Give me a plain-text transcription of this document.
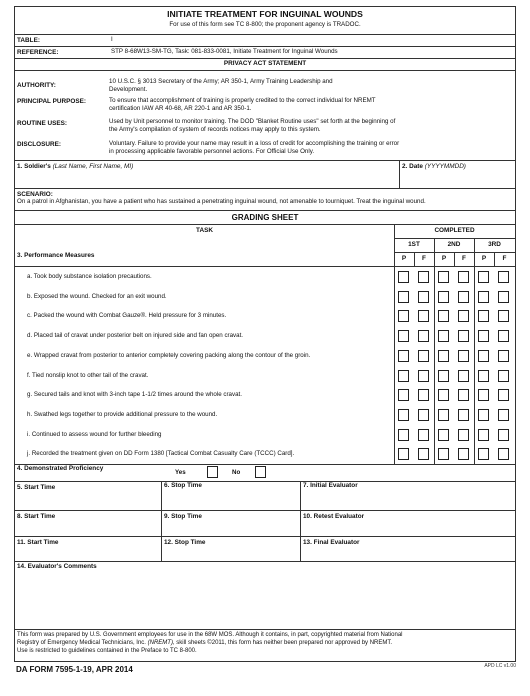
INITIATE TREATMENT FOR INGUINAL WOUNDS
For use of this form see TC 8-800; the proponent agency is TRADOC.
TABLE:	I
REFERENCE:	STP 8-68W13-SM-TG, Task: 081-833-0081, Initiate Treatment for Inguinal Wounds
PRIVACY ACT STATEMENT
AUTHORITY:
10 U.S.C. § 3013 Secretary of the Army; AR 350-1, Army Training Leadership and
Development.
PRINCIPAL PURPOSE:	To ensure that accomplishment of training is properly credited to the correct individual for NREMT
certification IAW AR 40-68, AR 220-1 and AR 350-1.
ROUTINE USES:	Used by Unit personnel to monitor training. The DOD "Blanket Routine uses" set forth at the beginning of
the Army's compilation of system of records notices may apply to this system.
DISCLOSURE:	Voluntary. Failure to provide your name may result in a loss of credit for accomplishing the training or error
in processing applicable favorable personnel actions. For Official Use Only.
1. Soldier's (Last Name, First Name, MI)	2. Date (YYYYMMDD)
SCENARIO:
On a patrol in Afghanistan, you have a patient who has sustained a penetrating inguinal wound, not amenable to tourniquet. Treat the inguinal wound.
GRADING SHEET
TASK	COMPLETED
1ST	2ND	3RD
P	F	P	F	P	F
3. Performance Measures
a. Took body substance isolation precautions.
b. Exposed the wound. Checked for an exit wound.
c. Packed the wound with Combat Gauze®. Held pressure for 3 minutes.
d. Placed tail of cravat under posterior belt on injured side and fan open cravat.
e. Wrapped cravat from posterior to anterior completely covering packing along the contour of the groin.
f. Tied nonslip knot to other tail of the cravat.
g. Secured tails and knot with 3-inch tape 1-1/2 times around the whole cravat.
h. Swathed legs together to provide additional pressure to the wound.
i. Continued to assess wound for further bleeding
j. Recorded the treatment given on DD Form 1380 [Tactical Combat Casualty Care (TCCC) Card].
4. Demonstrated Proficiency
Yes	No
5. Start Time	6. Stop Time	7. Initial Evaluator
8. Start Time	9. Stop Time	10. Retest Evaluator
11. Start Time	12. Stop Time	13. Final Evaluator
14. Evaluator's Comments
This form was prepared by U.S. Government employees for use in the 68W MOS. Although it contains, in part, copyrighted material from National
Registry of Emergency Medical Technicians, Inc. (NREMT), skill sheets ©2011, this form has neither been prepared nor approved by NREMT.
Use is restricted to guidelines contained in the Preface to TC 8-800.
DA FORM 7595-1-19, APR 2014	APD LC v1.00
